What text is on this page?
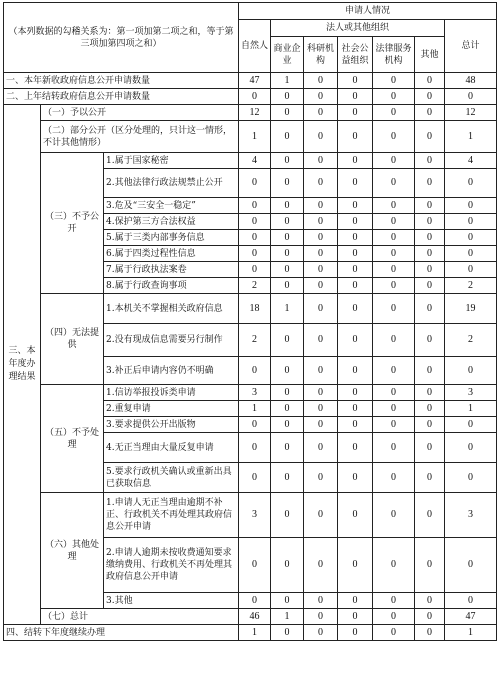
（本列数据的勾稽关系为：第一项加第二项之和，等于第三项加第四项之和）			申请人情况						
			自然人	法人或其他组织					总计
				商业企业	科研机构	社会公益组织	法律服务机构	其他	
一、本年新收政府信息公开申请数量			47	1	0	0	0	0	48
二、上年结转政府信息公开申请数量			0	0	0	0	0	0	0
三、本年度办理结果	（一）予以公开		12	0	0	0	0	0	12
	（二）部分公开（区分处理的，只计这一情形，不计其他情形）		1	0	0	0	0	0	1
	（三）不予公开	1.属于国家秘密	4	0	0	0	0	0	4
		2.其他法律行政法规禁止公开	0	0	0	0	0	0	0
		3.危及“三安全一稳定”	0	0	0	0	0	0	0
		4.保护第三方合法权益	0	0	0	0	0	0	0
		5.属于三类内部事务信息	0	0	0	0	0	0	0
		6.属于四类过程性信息	0	0	0	0	0	0	0
		7.属于行政执法案卷	0	0	0	0	0	0	0
		8.属于行政查询事项	2	0	0	0	0	0	2
	（四）无法提供	1.本机关不掌握相关政府信息	18	1	0	0	0	0	19
		2.没有现成信息需要另行制作	2	0	0	0	0	0	2
		3.补正后申请内容仍不明确	0	0	0	0	0	0	0
	（五）不予处理	1.信访举报投诉类申请	3	0	0	0	0	0	3
		2.重复申请	1	0	0	0	0	0	1
		3.要求提供公开出版物	0	0	0	0	0	0	0
		4.无正当理由大量反复申请	0	0	0	0	0	0	0
		5.要求行政机关确认或重新出具已获取信息	0	0	0	0	0	0	0
	（六）其他处理	1.申请人无正当理由逾期不补正、行政机关不再处理其政府信息公开申请	3	0	0	0	0	0	3
		2.申请人逾期未按收费通知要求缴纳费用、行政机关不再处理其政府信息公开申请	0	0	0	0	0	0	0
		3.其他	0	0	0	0	0	0	0
	（七）总计		46	1	0	0	0	0	47
四、结转下年度继续办理			1	0	0	0	0	0	1
